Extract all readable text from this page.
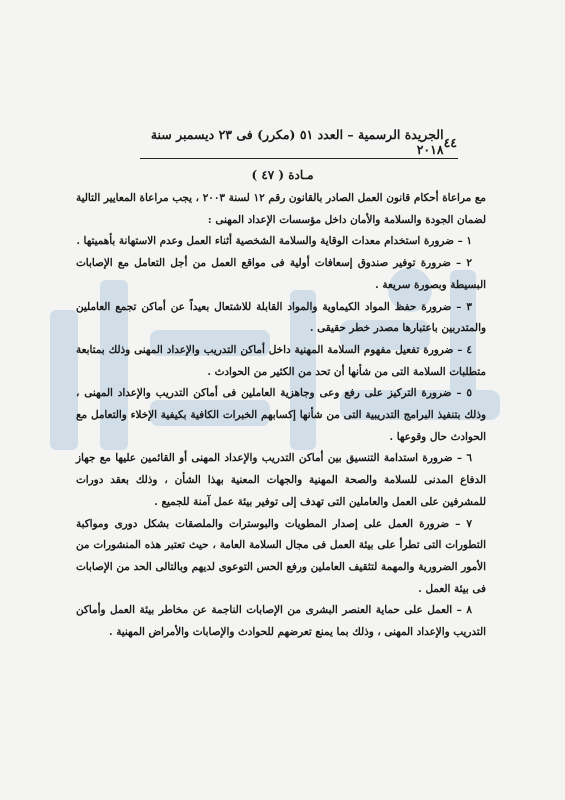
٤٤
الجريدة الرسمية – العدد ٥١ (مكرر) فى ٢٣ ديسمبر سنة ٢٠١٨
مـادة ( ٤٧ )

مع مراعاة أحكام قانون العمل الصادر بالقانون رقم ١٢ لسنة ٢٠٠٣ ، يجب مراعاة المعايير التالية لضمان الجودة والسلامة والأمان داخل مؤسسات الإعداد المهنى :

١ – ضرورة استخدام معدات الوقاية والسلامة الشخصية أثناء العمل وعدم الاستهانة بأهميتها .

٢ – ضرورة توفير صندوق إسعافات أولية فى مواقع العمل من أجل التعامل مع الإصابات البسيطة وبصورة سريعة .

٣ – ضرورة حفظ المواد الكيماوية والمواد القابلة للاشتعال بعيداً عن أماكن تجمع العاملين والمتدربين باعتبارها مصدر خطر حقيقى .

٤ – ضرورة تفعيل مفهوم السلامة المهنية داخل أماكن التدريب والإعداد المهنى وذلك بمتابعة متطلبات السلامة التى من شأنها أن تحد من الكثير من الحوادث .

٥ – ضرورة التركيز على رفع وعى وجاهزية العاملين فى أماكن التدريب والإعداد المهنى ، وذلك بتنفيذ البرامج التدريبية التى من شأنها إكسابهم الخبرات الكافية بكيفية الإخلاء والتعامل مع الحوادث حال وقوعها .

٦ – ضرورة استدامة التنسيق بين أماكن التدريب والإعداد المهنى أو القائمين عليها مع جهاز الدفاع المدنى للسلامة والصحة المهنية والجهات المعنية بهذا الشأن ، وذلك بعقد دورات للمشرفين على العمل والعاملين التى تهدف إلى توفير بيئة عمل آمنة للجميع .

٧ – ضرورة العمل على إصدار المطويات والبوسترات والملصقات بشكل دورى ومواكبة التطورات التى تطرأ على بيئة العمل فى مجال السلامة العامة ، حيث تعتبر هذه المنشورات من الأمور الضرورية والمهمة لتثقيف العاملين ورفع الحس التوعوى لديهم وبالتالى الحد من الإصابات فى بيئة العمل .

٨ – العمل على حماية العنصر البشرى من الإصابات الناجمة عن مخاطر بيئة العمل وأماكن التدريب والإعداد المهنى ، وذلك بما يمنع تعرضهم للحوادث والإصابات والأمراض المهنية .
